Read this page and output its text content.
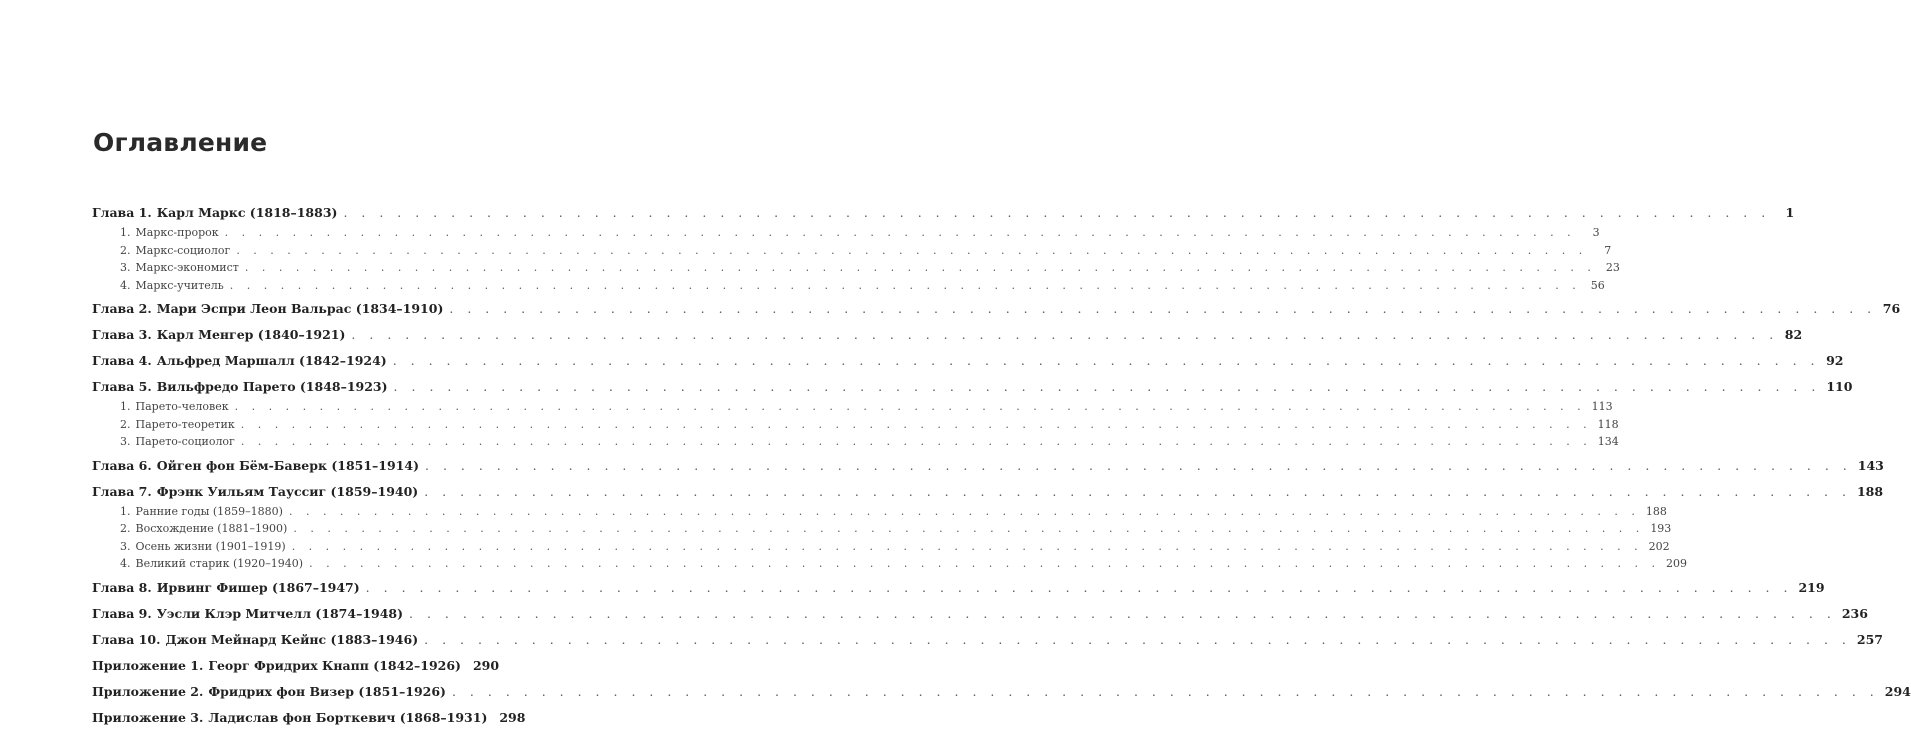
Оглавление
Глава 1. Карл Маркс (1818–1883) . . .	1
1. Маркс-пророк . . .	3
2. Маркс-социолог . . .	7
3. Маркс-экономист . . .	23
4. Маркс-учитель . . .	56
Глава 2. Мари Эспри Леон Вальрас (1834–1910) . . .	76
Глава 3. Карл Менгер (1840–1921) . . .	82
Глава 4. Альфред Маршалл (1842–1924) . . .	92
Глава 5. Вильфредо Парето (1848–1923) . . .	110
1. Парето-человек . . .	113
2. Парето-теоретик . . .	118
3. Парето-социолог . . .	134
Глава 6. Ойген фон Бём-Баверк (1851–1914) . . .	143
Глава 7. Фрэнк Уильям Тауссиг (1859–1940) . . .	188
1. Ранние годы (1859–1880) . . .	188
2. Восхождение (1881–1900) . . .	193
3. Осень жизни (1901–1919) . . .	202
4. Великий старик (1920–1940) . . .	209
Глава 8. Ирвинг Фишер (1867–1947) . . .	219
Глава 9. Уэсли Клэр Митчелл (1874–1948) . . .	236
Глава 10. Джон Мейнард Кейнс (1883–1946) . . .	257
Приложение 1. Георг Фридрих Кнапп (1842–1926) 290
Приложение 2. Фридрих фон Визер (1851–1926) . . .	294
Приложение 3. Ладислав фон Борткевич (1868–1931) 298
